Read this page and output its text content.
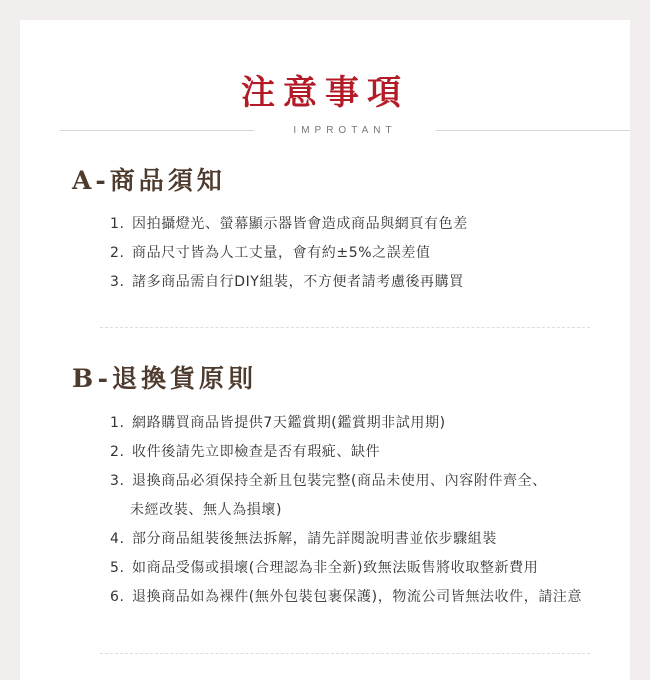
注意事項
IMPROTANT
A-商品須知
1. 因拍攝燈光、螢幕顯示器皆會造成商品與網頁有色差
2. 商品尺寸皆為人工丈量，會有約±5%之誤差值
3. 諸多商品需自行DIY組裝，不方便者請考慮後再購買
B-退換貨原則
1. 網路購買商品皆提供7天鑑賞期(鑑賞期非試用期)
2. 收件後請先立即檢查是否有瑕疵、缺件
3. 退換商品必須保持全新且包裝完整(商品未使用、內容附件齊全、
未經改裝、無人為損壞)
4. 部分商品組裝後無法拆解，請先詳閱說明書並依步驟組裝
5. 如商品受傷或損壞(合理認為非全新)致無法販售將收取整新費用
6. 退換商品如為裸件(無外包裝包裹保護)，物流公司皆無法收件，請注意
